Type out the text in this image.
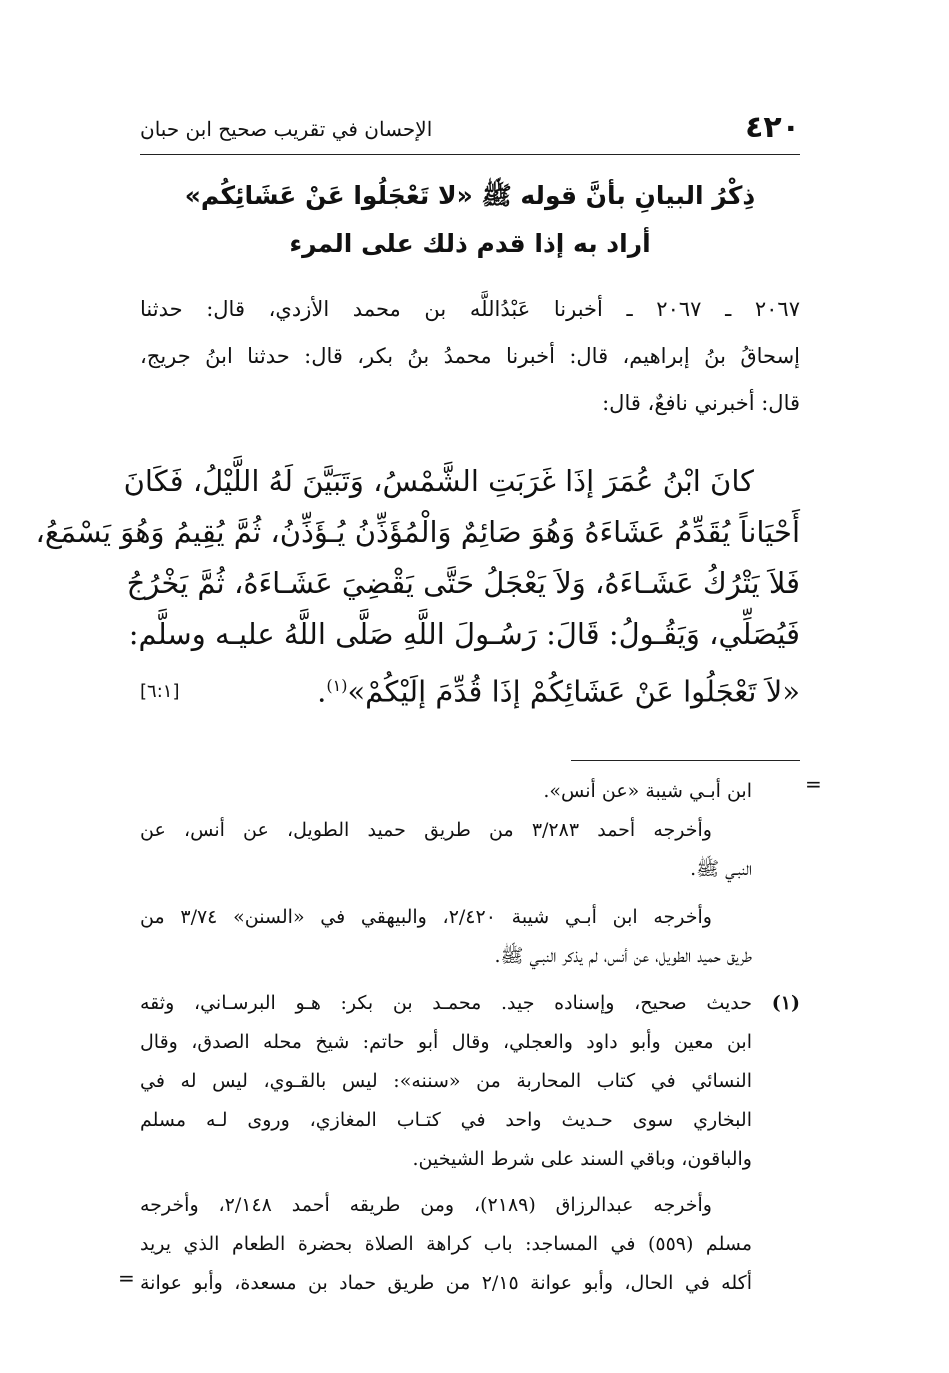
٤٢٠
الإحسان في تقريب صحيح ابن حبان
ذِكْرُ البيانِ بأنَّ قوله ﷺ «لا تَعْجَلُوا عَنْ عَشَائِكُم»
أراد به إذا قدم ذلك على المرء
٢٠٦٧ ـ ٢٠٦٧ ـ أخبرنا عَبْدُاللَّه بن محمد الأزدي، قال: حدثنا
إسحاقُ بنُ إبراهيم، قال: أخبرنا محمدُ بنُ بكر، قال: حدثنا ابنُ جريج،
قال: أخبرني نافعٌ، قال:
كانَ ابْنُ عُمَرَ إذَا غَرَبَتِ الشَّمْسُ، وَتَبَيَّنَ لَهُ اللَّيْلُ، فَكَانَ
أَحْيَاناً يُقَدِّمُ عَشَاءَهُ وَهُوَ صَائِمٌ وَالْمُؤَذِّنُ يُـؤَذِّنُ، ثُمَّ يُقِيمُ وَهُوَ يَسْمَعُ،
فَلاَ يَتْرُكُ عَشَـاءَهُ، وَلاَ يَعْجَلُ حَتَّى يَقْضِيَ عَشَـاءَهُ، ثُمَّ يَخْرُجُ
فَيُصَلِّي، وَيَقُـولُ: قَالَ: رَسُـولَ اللَّهِ صَلَّى اللَّهُ عليـه وسلَّم:
«لاَ تَعْجَلُوا عَنْ عَشَائِكُمْ إذَا قُدِّمَ إلَيْكُمْ»$^{(١)}$.
[٦:١]
=
ابن أبـي شيبة «عن أنس».
وأخرجه أحمد ٣/٢٨٣ من طريق حميد الطويل، عن أنس، عن
النبـي ﷺ.
وأخرجه ابن أبـي شيبة ٢/٤٢٠، والبيهقي في «السنن» ٣/٧٤ من
طريق حميد الطويل، عن أنس، لم يذكر النبـي ﷺ.
(١)
حديث صحيح، وإسناده جيد. محمـد بن بكر: هـو البرسـاني، وثقه
ابن معين وأبو داود والعجلي، وقال أبو حاتم: شيخ محله الصدق، وقال
النسائي في كتاب المحاربة من «سننه»: ليس بالقـوي، ليس له في
البخاري سوى حـديث واحد في كتـاب المغازي، وروى لـه مسلم
والباقون، وباقي السند على شرط الشيخين.
وأخرجه عبدالرزاق (٢١٨٩)، ومن طريقه أحمد ٢/١٤٨، وأخرجه
مسلم (٥٥٩) في المساجد: باب كراهة الصلاة بحضرة الطعام الذي يريد
أكله في الحال، وأبو عوانة ٢/١٥ من طريق حماد بن مسعدة، وأبو عوانة
=
